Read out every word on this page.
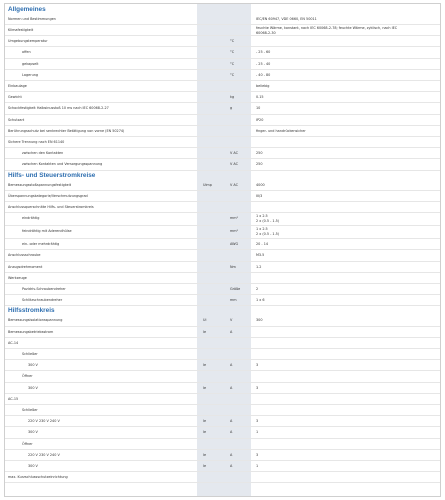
Allgemeines
Normen und Bestimmungen	IEC/EN 60947, VDE 0660, EN 50011
Klimafestigkeit	feuchte Wärme, konstant, nach IEC 60068-2-78; feuchte Wärme, zyklisch, nach IEC
60068-2-30
Umgebungstemperatur	°C
offen	°C	- 25 - 60
gekapselt	°C	- 25 - 40
Lagerung	°C	- 40 - 80
Einbaulage	beliebig
Gewicht	kg	0.15
Schockfestigkeit Halbsinusstoß 10 ms nach IEC 60068-2-27	g	10
Schutzart	IP20
Berührungsschutz bei senkrechter Betätigung von vorne (EN 50274)	finger- und handrückensicher
Sichere Trennung nach EN 61140
zwischen den Kontakten	V AC	250
zwischen Kontakten und Versorgungsspannung	V AC	250
Hilfs- und Steuerstromkreise
Bemessungsstoßspannungsfestigkeit	Uimp	V AC	4000
Überspannungskategorie/Verschmutzungsgrad	III/3
Anschlussquerschnitte Hilfs- und Steuerstromkreis
eindrähtig	mm²	1 x 2.5
2 x (0.5 - 1.5)
feindrähtig mit Aderendhülse	mm²	1 x 2.5
2 x (0.5 - 1.5)
ein- oder mehrdrähtig	AWG	20 - 14
Anschlussschraube	M3.5
Anzugsdrehmoment	Nm	1.2
Werkzeuge
Pozidriv-Schraubendreher	Größe	2
Schlitzschraubendreher	mm	1 x 6
Hilfsstromkreis
Bemessungsisolationsspannung	Ui	V	300
Bemessungsbetriebsstrom	Ie	A
AC-14
Schließer
300 V	Ie	A	3
Öffner
300 V	Ie	A	3
AC-15
Schließer
220 V 230 V 240 V	Ie	A	3
300 V	Ie	A	1
Öffner
220 V 230 V 240 V	Ie	A	3
300 V	Ie	A	1
max. Kurzschlussschutzeinrichtung
